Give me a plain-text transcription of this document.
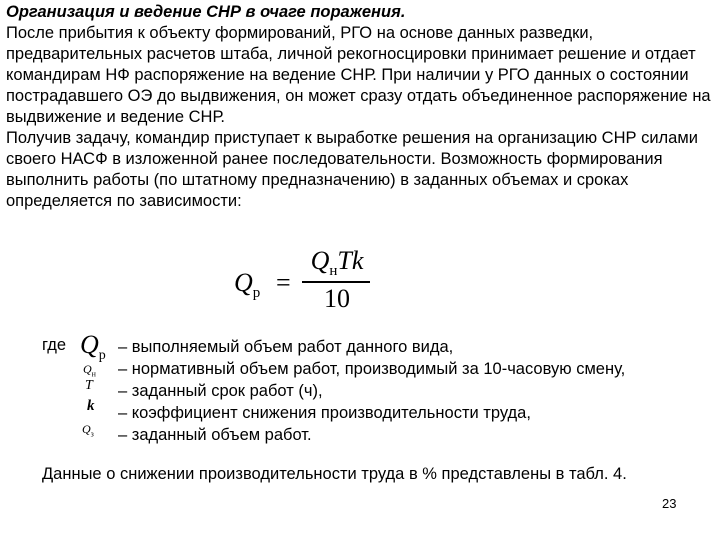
Организация и ведение СНР в очаге поражения.

После прибытия к объекту формирований, РГО на основе данных разведки, предварительных расчетов штаба, личной рекогносцировки принимает решение и отдает командирам НФ распоряжение на ведение СНР. При наличии у РГО данных о состоянии пострадавшего ОЭ до выдвижения, он может сразу отдать объединенное распоряжение на выдвижение и ведение СНР.

Получив задачу, командир приступает к выработке решения на организацию СНР силами своего НАСФ в изложенной ранее последовательности. Возможность формирования выполнить работы (по штатному предназначению) в заданных объемах и сроках определяется по зависимости:

$Q_р$ =
$Q_нTk$
10
где $Q_р$
$Q_н$
T
k
$Q_з$
– выполняемый объем работ данного вида,
– нормативный объем работ, производимый за 10-часовую смену,
– заданный срок работ (ч),
– коэффициент снижения производительности труда,
– заданный объем работ.
Данные о снижении производительности труда в % представлены в табл. 4.
23
